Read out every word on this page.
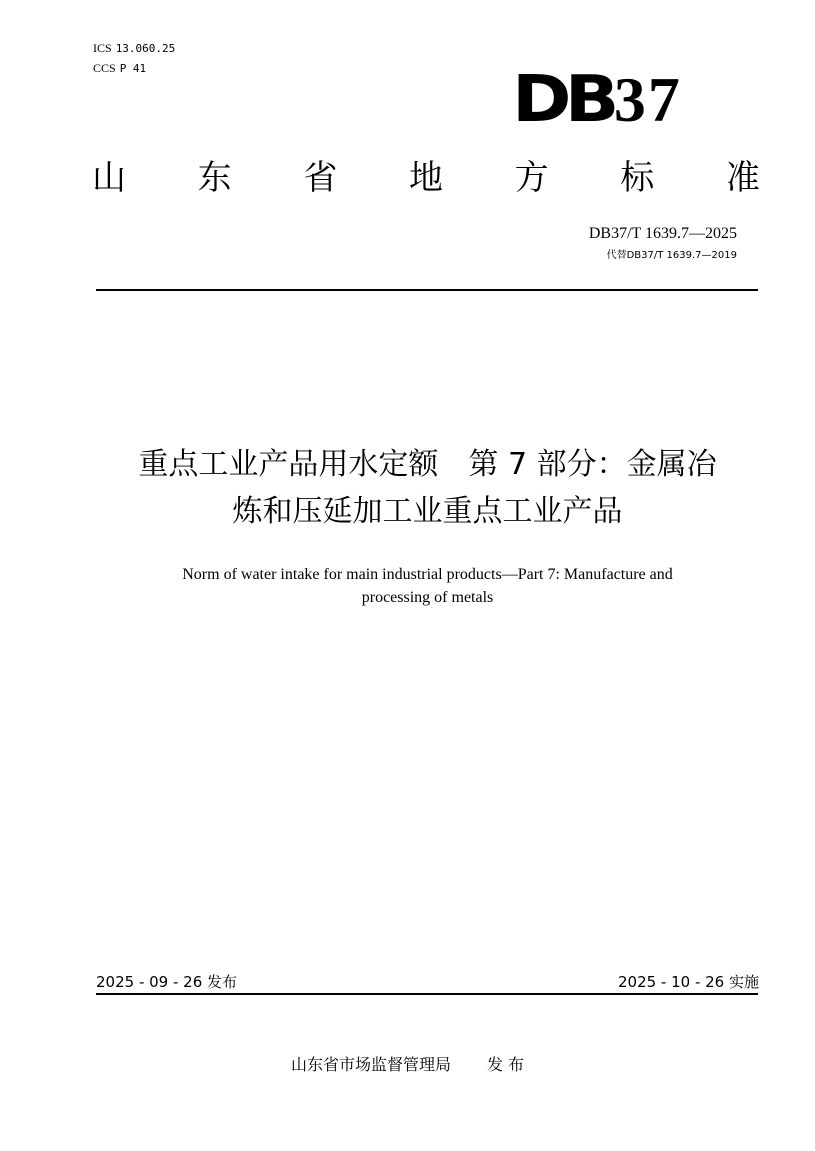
ICS 13.060.25
CCS P 41	DB37
山 东 省 地 方 标 准
DB37/T 1639.7—2025
代替DB37/T 1639.7—2019
重点工业产品用水定额　第 7 部分：金属冶
炼和压延加工业重点工业产品
Norm of water intake for main industrial products—Part 7: Manufacture and
processing of metals
2025 - 09 - 26 发布	2025 - 10 - 26 实施
山东省市场监督管理局 发 布
